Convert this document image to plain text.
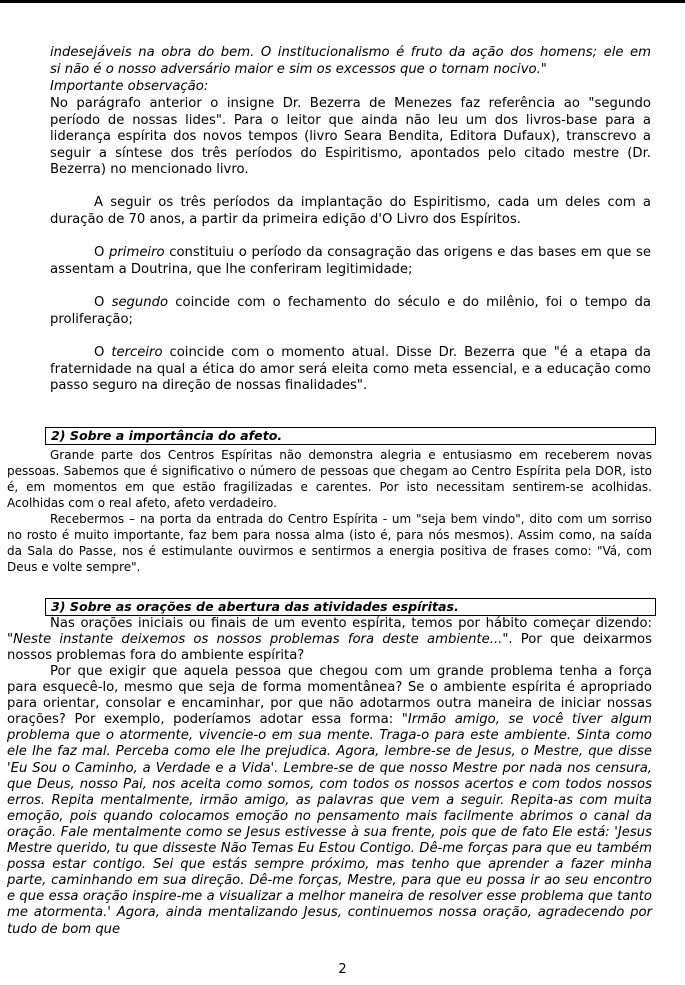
indesejáveis na obra do bem. O institucionalismo é fruto da ação dos homens; ele em

si não é o nosso adversário maior e sim os excessos que o tornam nocivo."

Importante observação:

No parágrafo anterior o insigne Dr. Bezerra de Menezes faz referência ao "segundo período de nossas lides". Para o leitor que ainda não leu um dos livros-base para a liderança espírita dos novos tempos (livro Seara Bendita, Editora Dufaux), transcrevo a seguir a síntese dos três períodos do Espiritismo, apontados pelo citado mestre (Dr. Bezerra) no mencionado livro.

A seguir os três períodos da implantação do Espiritismo, cada um deles com a duração de 70 anos, a partir da primeira edição d'O Livro dos Espíritos.

O primeiro constituiu o período da consagração das origens e das bases em que se assentam a Doutrina, que lhe conferiram legitimidade;

O segundo coincide com o fechamento do século e do milênio, foi o tempo da proliferação;

O terceiro coincide com o momento atual. Disse Dr. Bezerra que "é a etapa da fraternidade na qual a ética do amor será eleita como meta essencial, e a educação como passo seguro na direção de nossas finalidades".

2) Sobre a importância do afeto.

Grande parte dos Centros Espíritas não demonstra alegria e entusiasmo em receberem novas pessoas. Sabemos que é significativo o número de pessoas que chegam ao Centro Espírita pela DOR, isto é, em momentos em que estão fragilizadas e carentes. Por isto necessitam sentirem-se acolhidas. Acolhidas com o real afeto, afeto verdadeiro.

Recebermos – na porta da entrada do Centro Espírita - um "seja bem vindo", dito com um sorriso no rosto é muito importante, faz bem para nossa alma (isto é, para nós mesmos). Assim como, na saída da Sala do Passe, nos é estimulante ouvirmos e sentirmos a energia positiva de frases como: "Vá, com Deus e volte sempre".

3) Sobre as orações de abertura das atividades espíritas.

Nas orações iniciais ou finais de um evento espírita, temos por hábito começar dizendo: "Neste instante deixemos os nossos problemas fora deste ambiente...". Por que deixarmos nossos problemas fora do ambiente espírita?

Por que exigir que aquela pessoa que chegou com um grande problema tenha a força para esquecê-lo, mesmo que seja de forma momentânea? Se o ambiente espírita é apropriado para orientar, consolar e encaminhar, por que não adotarmos outra maneira de iniciar nossas orações? Por exemplo, poderíamos adotar essa forma: "Irmão amigo, se você tiver algum problema que o atormente, vivencie-o em sua mente. Traga-o para este ambiente. Sinta como ele lhe faz mal. Perceba como ele lhe prejudica. Agora, lembre-se de Jesus, o Mestre, que disse 'Eu Sou o Caminho, a Verdade e a Vida'. Lembre-se de que nosso Mestre por nada nos censura, que Deus, nosso Pai, nos aceita como somos, com todos os nossos acertos e com todos nossos erros. Repita mentalmente, irmão amigo, as palavras que vem a seguir. Repita-as com muita emoção, pois quando colocamos emoção no pensamento mais facilmente abrimos o canal da oração. Fale mentalmente como se Jesus estivesse à sua frente, pois que de fato Ele está: 'Jesus Mestre querido, tu que disseste Não Temas Eu Estou Contigo. Dê-me forças para que eu também possa estar contigo. Sei que estás sempre próximo, mas tenho que aprender a fazer minha parte, caminhando em sua direção. Dê-me forças, Mestre, para que eu possa ir ao seu encontro e que essa oração inspire-me a visualizar a melhor maneira de resolver esse problema que tanto me atormenta.' Agora, ainda mentalizando Jesus, continuemos nossa oração, agradecendo por tudo de bom que

2
